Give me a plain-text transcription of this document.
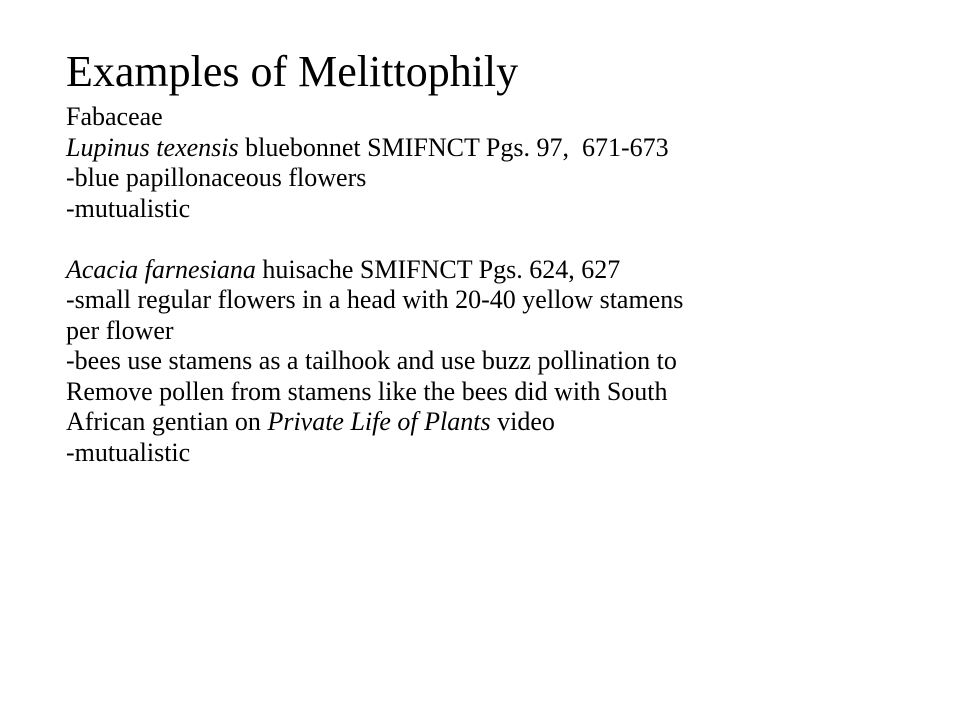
Examples of Melittophily

Fabaceae

Lupinus texensis bluebonnet SMIFNCT Pgs. 97,  671-673

-blue papillonaceous flowers

-mutualistic

Acacia farnesiana huisache SMIFNCT Pgs. 624, 627

-small regular flowers in a head with 20-40 yellow stamens

per flower

-bees use stamens as a tailhook and use buzz pollination to

Remove pollen from stamens like the bees did with South

African gentian on Private Life of Plants video

-mutualistic
